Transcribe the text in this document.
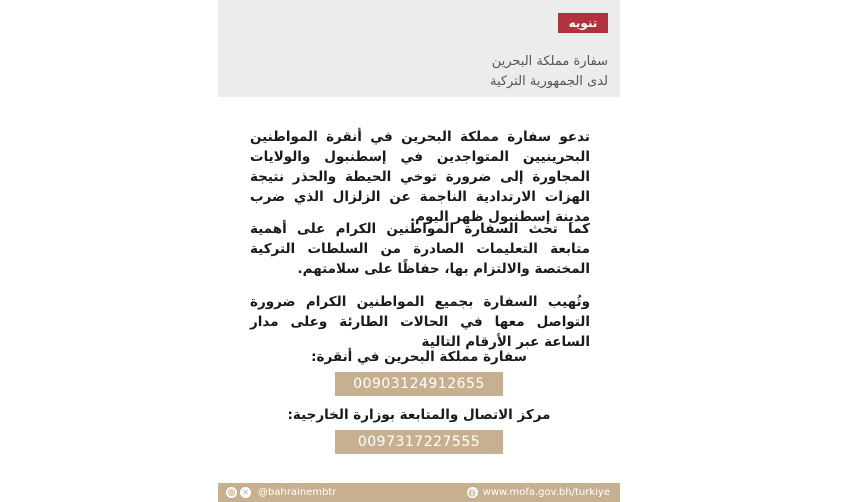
تنويه
سفارة مملكة البحرين
لدى الجمهورية التركية
تدعو سفارة مملكة البحرين في أنقرة المواطنين البحرينيين المتواجدين في إسطنبول والولايات المجاورة إلى ضرورة توخي الحيطة والحذر نتيجة الهزات الارتدادية الناجمة عن الزلزال الذي ضرب مدينة إسطنبول ظهر اليوم.
كما تحث السفارة المواطنين الكرام على أهمية متابعة التعليمات الصادرة من السلطات التركية المختصة والالتزام بها، حفاظًا على سلامتهم.
وتُهيب السفارة بجميع المواطنين الكرام ضرورة التواصل معها في الحالات الطارئة وعلى مدار الساعة عبر الأرقام التالية
سفارة مملكة البحرين في أنقرة:
00903124912655
مركز الاتصال والمتابعة بوزارة الخارجية:
0097317227555
✕ @bahrainembtr	www.mofa.gov.bh/turkiye
